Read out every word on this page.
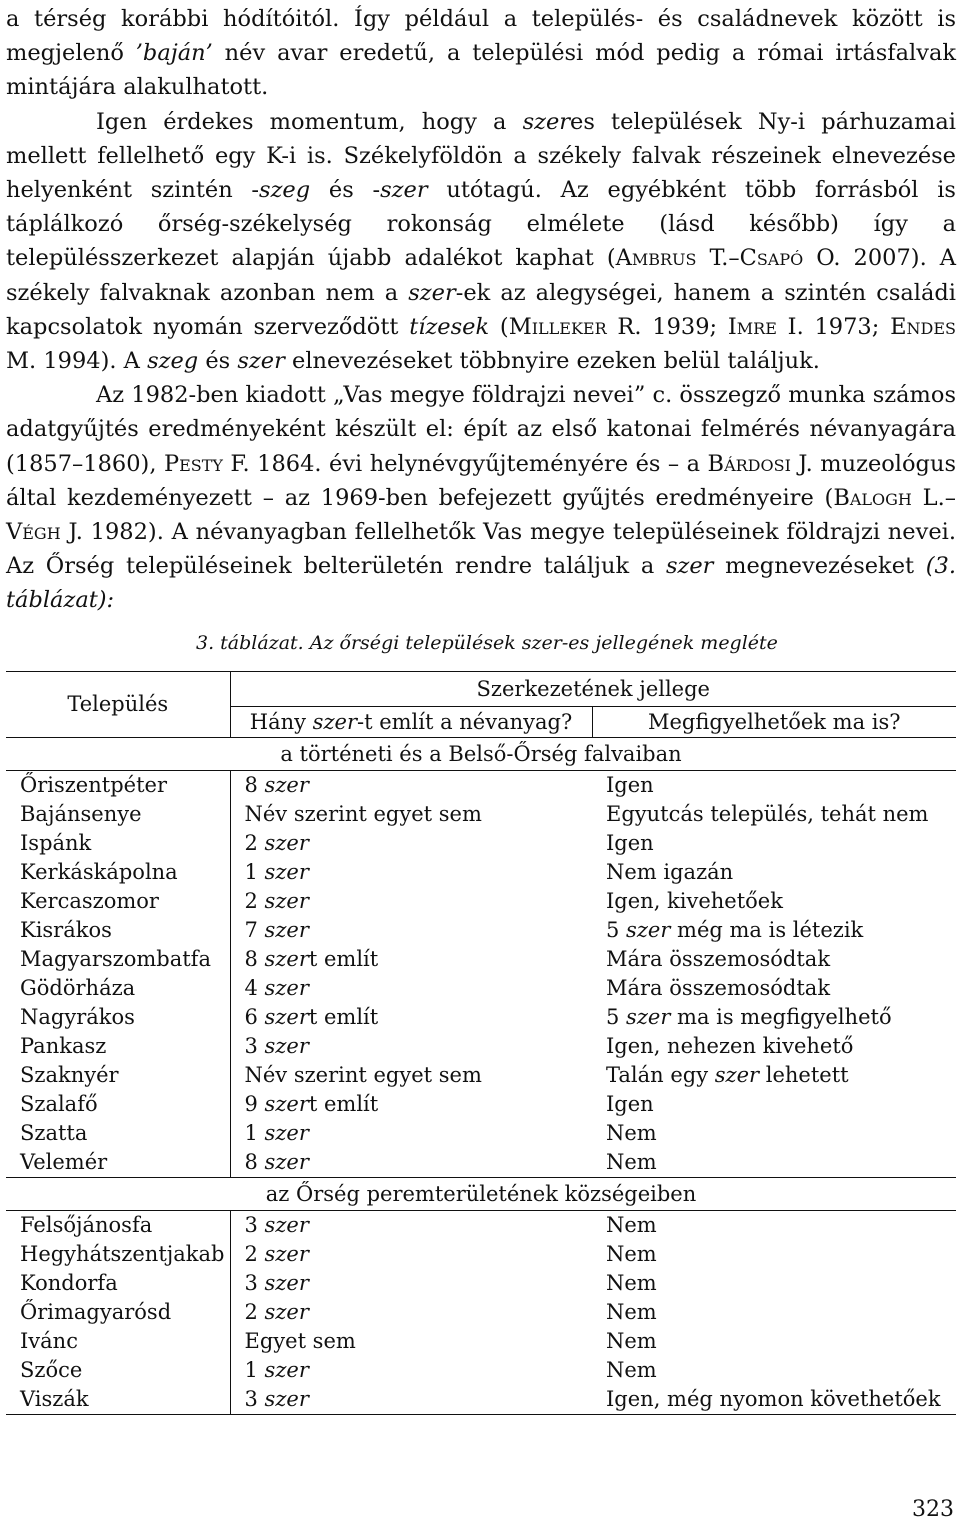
a térség korábbi hódítóitól. Így például a település- és családnevek között is megjelenő ’baján’ név avar eredetű, a települési mód pedig a római irtásfalvak mintájára alakulhatott.

Igen érdekes momentum, hogy a szeres települések Ny-i párhuzamai mellett fellelhető egy K-i is. Székelyföldön a székely falvak részeinek elnevezése helyenként szintén -szeg és -szer utótagú. Az egyébként több forrásból is táplálkozó őrség-székelység rokonság elmélete (lásd később) így a településszerkezet alapján újabb adalékot kaphat (Ambrus T.–Csapó O. 2007). A székely falvaknak azonban nem a szer-ek az alegységei, hanem a szintén családi kapcsolatok nyomán szerveződött tízesek (Milleker R. 1939; Imre I. 1973; Endes M. 1994). A szeg és szer elnevezéseket többnyire ezeken belül találjuk.

Az 1982-ben kiadott „Vas megye földrajzi nevei” c. összegző munka számos adatgyűjtés eredményeként készült el: épít az első katonai felmérés névanyagára (1857–1860), Pesty F. 1864. évi helynévgyűjteményére és – a Bárdosi J. muzeológus által kezdeményezett – az 1969-ben befejezett gyűjtés eredményeire (Balogh L.–Végh J. 1982). A névanyagban fellelhetők Vas megye településeinek földrajzi nevei. Az Őrség településeinek belterületén rendre találjuk a szer megnevezéseket (3. táblázat):

3. táblázat. Az őrségi települések szer-es jellegének megléte
Település	Szerkezetének jellege	
	Hány szer-t említ a névanyag?	Megfigyelhetőek ma is?
a történeti és a Belső-Őrség falvaiban		
Őriszentpéter	8 szer	Igen
Bajánsenye	Név szerint egyet sem	Egyutcás település, tehát nem
Ispánk	2 szer	Igen
Kerkáskápolna	1 szer	Nem igazán
Kercaszomor	2 szer	Igen, kivehetőek
Kisrákos	7 szer	5 szer még ma is létezik
Magyarszombatfa	8 szert említ	Mára összemosódtak
Gödörháza	4 szer	Mára összemosódtak
Nagyrákos	6 szert említ	5 szer ma is megfigyelhető
Pankasz	3 szer	Igen, nehezen kivehető
Szaknyér	Név szerint egyet sem	Talán egy szer lehetett
Szalafő	9 szert említ	Igen
Szatta	1 szer	Nem
Velemér	8 szer	Nem
az Őrség peremterületének községeiben		
Felsőjánosfa	3 szer	Nem
Hegyhátszentjakab	2 szer	Nem
Kondorfa	3 szer	Nem
Őrimagyarósd	2 szer	Nem
Ivánc	Egyet sem	Nem
Szőce	1 szer	Nem
Viszák	3 szer	Igen, még nyomon követhetőek
323
